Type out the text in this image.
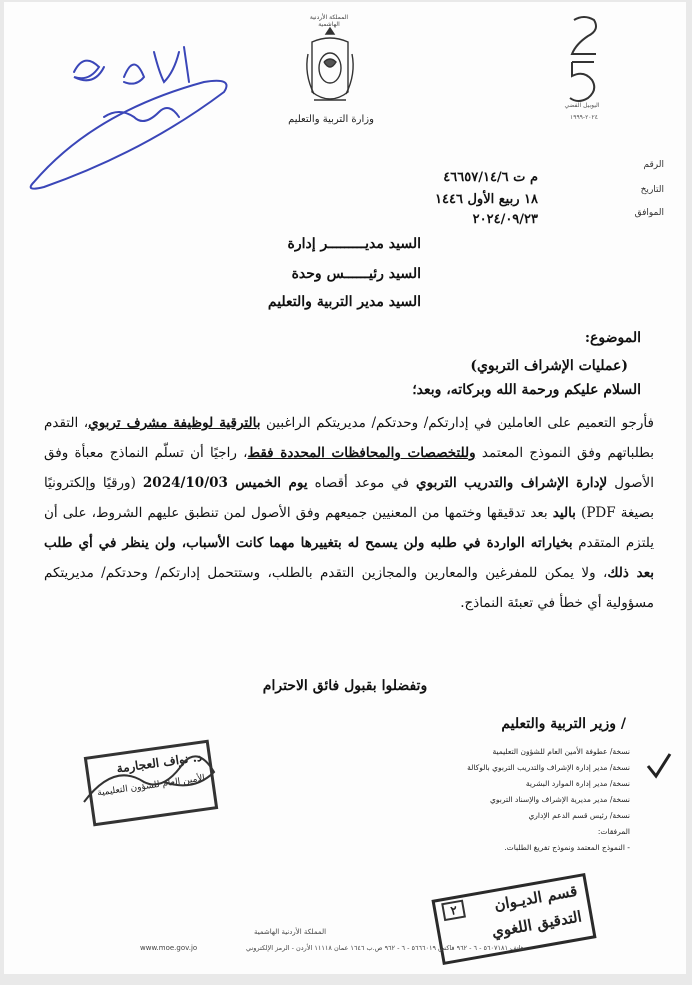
المملكة الأردنية الهاشمية
وزارة التربية والتعليم
اليوبيل الفضي
٢٠٢٤-١٩٩٩
الرقم
التاريخ
الموافق
م ت ٤٦٦٥٧/١٤/٦
١٨ ربيع الأول ١٤٤٦
٢٠٢٤/٠٩/٢٣
السيد مديـــــــــر إدارة
السيد رئيــــــس وحدة
السيد مدير التربية والتعليم
الموضوع:
(عمليات الإشراف التربوي)
السلام عليكم ورحمة الله وبركاته، وبعد؛
فأرجو التعميم على العاملين في إدارتكم/ وحدتكم/ مديريتكم الراغبين بالترقية لوظيفة مشرف تربوي، التقدم بطلباتهم وفق النموذج المعتمد وللتخصصات والمحافظات المحددة فقط، راجيًا أن تسلّم النماذج معبأة وفق الأصول لإدارة الإشراف والتدريب التربوي في موعد أقصاه يوم الخميس 2024/10/03 (ورقيًا وإلكترونيًا بصيغة PDF) باليد بعد تدقيقها وختمها من المعنيين جميعهم وفق الأصول لمن تنطبق عليهم الشروط، على أن يلتزم المتقدم بخياراته الواردة في طلبه ولن يسمح له بتغييرها مهما كانت الأسباب، ولن ينظر في أي طلب بعد ذلك، ولا يمكن للمفرغين والمعارين والمجازين التقدم بالطلب، وستتحمل إدارتكم/ وحدتكم/ مديريتكم مسؤولية أي خطأ في تعبئة النماذج.
وتفضلوا بقبول فائق الاحترام
/ وزير التربية والتعليم
نسخة/ عطوفة الأمين العام للشؤون التعليمية
نسخة/ مدير إدارة الإشراف والتدريب التربوي بالوكالة
نسخة/ مدير إدارة الموارد البشرية
نسخة/ مدير مديرية الإشراف والإسناد التربوي
نسخة/ رئيس قسم الدعم الإداري
المرفقات:
- النموذج المعتمد ونموذج تفريغ الطلبات.
د. نواف العجارمة
الأمين العام للشؤون التعليمية
٢	قسم الديـوان
التدقيق اللغوي
المملكة الأردنية الهاشمية
هاتف ٥٦٠٧١٨١ - ٦ - ٩٦٢ فاكس ٥٦٦٦٠١٩ - ٦ - ٩٦٢ ص.ب ١٦٤٦ عمان ١١١١٨ الأردن - الرمز الإلكتروني
www.moe.gov.jo
